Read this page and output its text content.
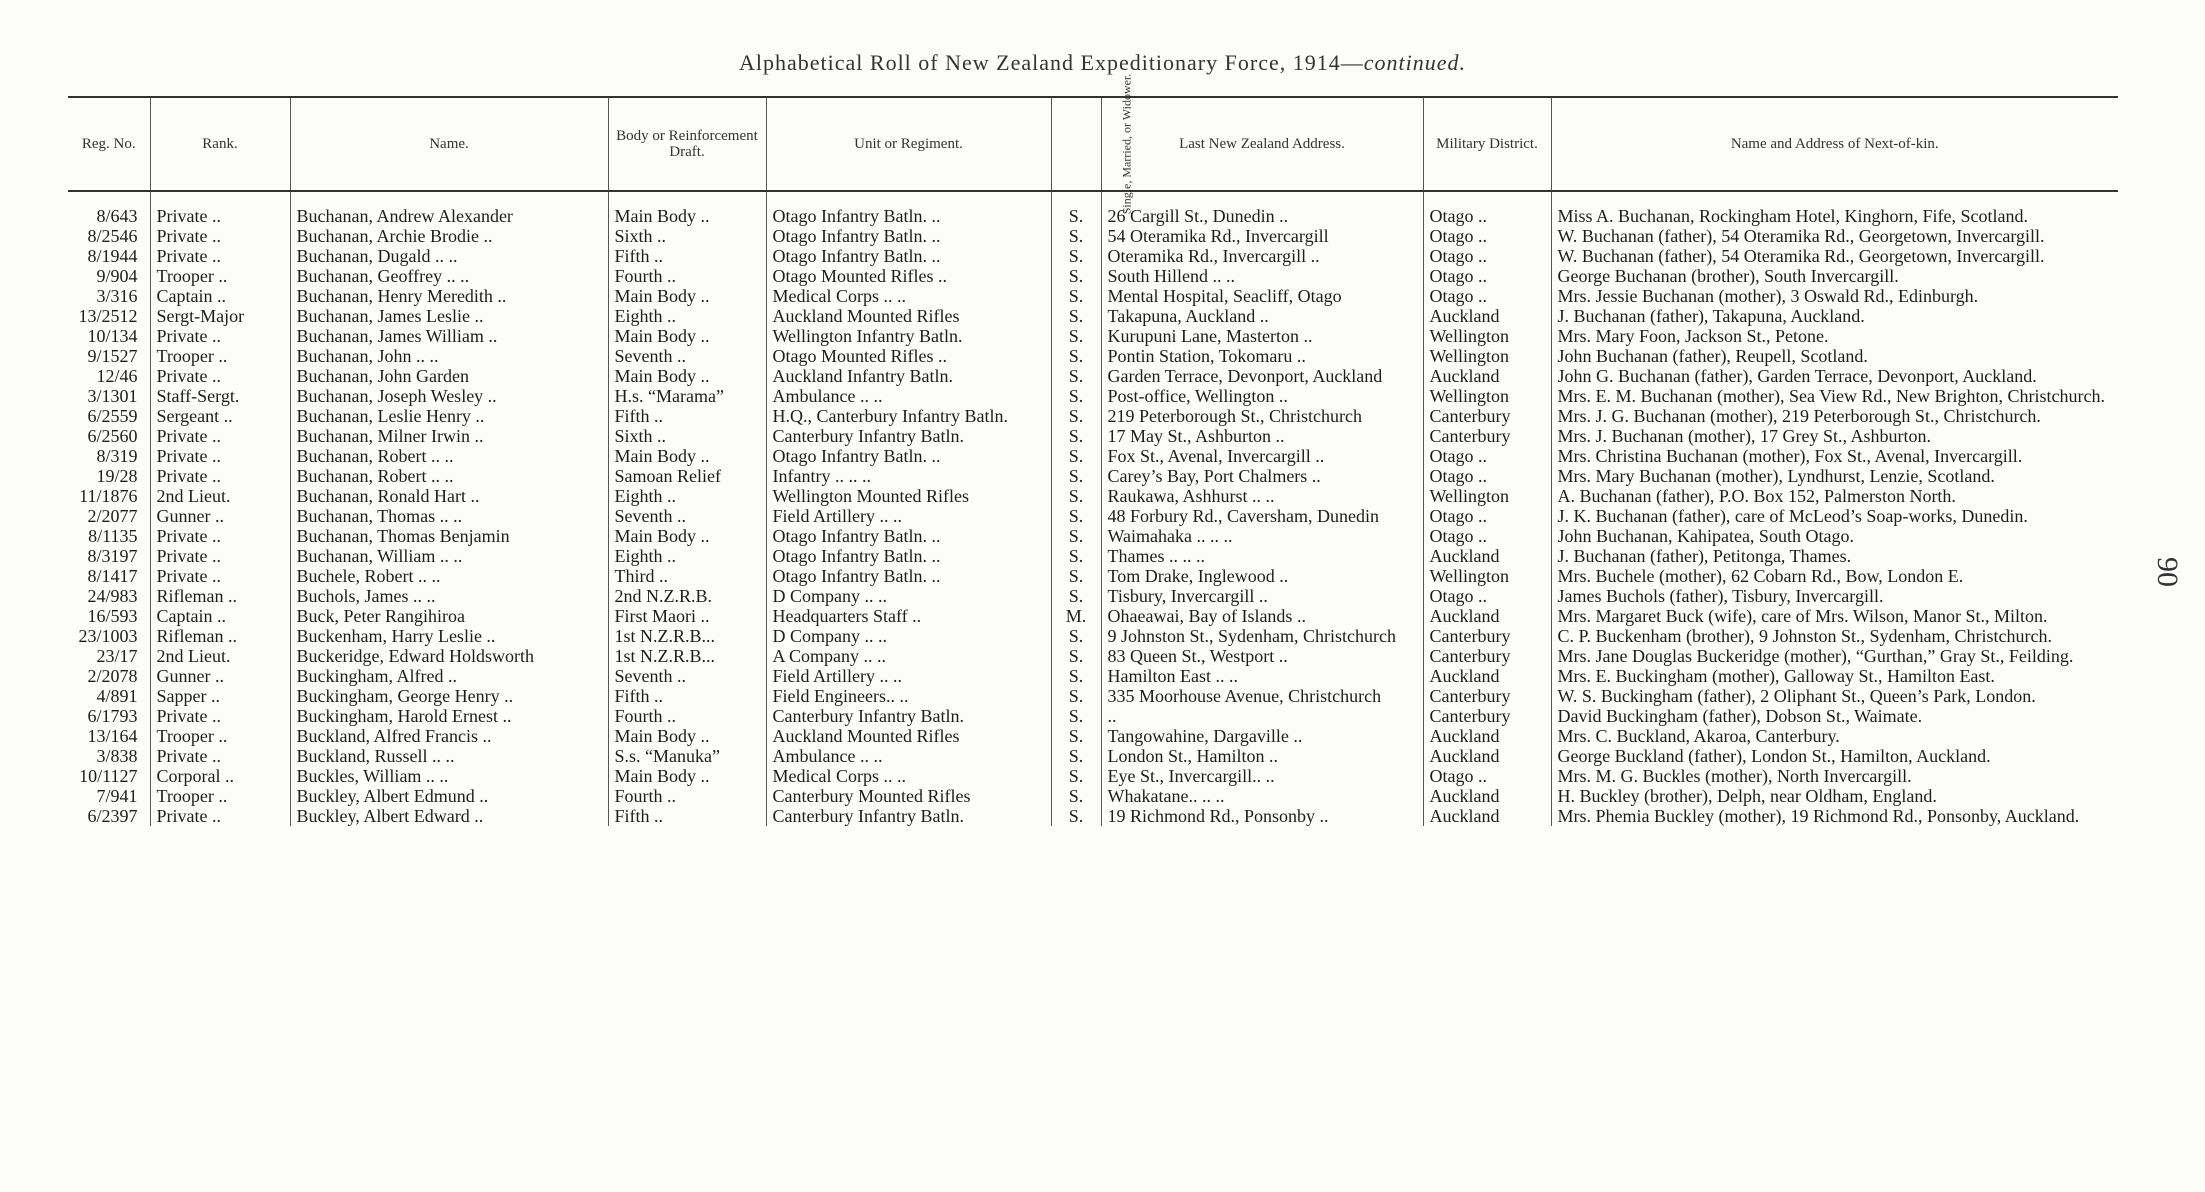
Alphabetical Roll of New Zealand Expeditionary Force, 1914—continued.
90
Reg. No.	Rank.	Name.	Body or Reinforcement Draft.	Unit or Regiment.	Single, Married, or Widower.	Last New Zealand Address.	Military District.	Name and Address of Next-of-kin.

8/643	Private ..	Buchanan, Andrew Alexander	Main Body ..	Otago Infantry Batln. ..	S.	26 Cargill St., Dunedin ..	Otago ..	Miss A. Buchanan, Rockingham Hotel, Kinghorn, Fife, Scotland.
8/2546	Private ..	Buchanan, Archie Brodie ..	Sixth ..	Otago Infantry Batln. ..	S.	54 Oteramika Rd., Invercargill	Otago ..	W. Buchanan (father), 54 Oteramika Rd., Georgetown, Invercargill.
8/1944	Private ..	Buchanan, Dugald .. ..	Fifth ..	Otago Infantry Batln. ..	S.	Oteramika Rd., Invercargill ..	Otago ..	W. Buchanan (father), 54 Oteramika Rd., Georgetown, Invercargill.
9/904	Trooper ..	Buchanan, Geoffrey .. ..	Fourth ..	Otago Mounted Rifles ..	S.	South Hillend .. ..	Otago ..	George Buchanan (brother), South Invercargill.
3/316	Captain ..	Buchanan, Henry Meredith ..	Main Body ..	Medical Corps .. ..	S.	Mental Hospital, Seacliff, Otago	Otago ..	Mrs. Jessie Buchanan (mother), 3 Oswald Rd., Edinburgh.
13/2512	Sergt-Major	Buchanan, James Leslie ..	Eighth ..	Auckland Mounted Rifles	S.	Takapuna, Auckland ..	Auckland	J. Buchanan (father), Takapuna, Auckland.
10/134	Private ..	Buchanan, James William ..	Main Body ..	Wellington Infantry Batln.	S.	Kurupuni Lane, Masterton ..	Wellington	Mrs. Mary Foon, Jackson St., Petone.
9/1527	Trooper ..	Buchanan, John .. ..	Seventh ..	Otago Mounted Rifles ..	S.	Pontin Station, Tokomaru ..	Wellington	John Buchanan (father), Reupell, Scotland.
12/46	Private ..	Buchanan, John Garden	Main Body ..	Auckland Infantry Batln.	S.	Garden Terrace, Devonport, Auckland	Auckland	John G. Buchanan (father), Garden Terrace, Devonport, Auckland.
3/1301	Staff-Sergt.	Buchanan, Joseph Wesley ..	H.s. “Marama”	Ambulance .. ..	S.	Post-office, Wellington ..	Wellington	Mrs. E. M. Buchanan (mother), Sea View Rd., New Brighton, Christchurch.
6/2559	Sergeant ..	Buchanan, Leslie Henry ..	Fifth ..	H.Q., Canterbury Infantry Batln.	S.	219 Peterborough St., Christchurch	Canterbury	Mrs. J. G. Buchanan (mother), 219 Peterborough St., Christchurch.
6/2560	Private ..	Buchanan, Milner Irwin ..	Sixth ..	Canterbury Infantry Batln.	S.	17 May St., Ashburton ..	Canterbury	Mrs. J. Buchanan (mother), 17 Grey St., Ashburton.
8/319	Private ..	Buchanan, Robert .. ..	Main Body ..	Otago Infantry Batln. ..	S.	Fox St., Avenal, Invercargill ..	Otago ..	Mrs. Christina Buchanan (mother), Fox St., Avenal, Invercargill.
19/28	Private ..	Buchanan, Robert .. ..	Samoan Relief	Infantry .. .. ..	S.	Carey’s Bay, Port Chalmers ..	Otago ..	Mrs. Mary Buchanan (mother), Lyndhurst, Lenzie, Scotland.
11/1876	2nd Lieut.	Buchanan, Ronald Hart ..	Eighth ..	Wellington Mounted Rifles	S.	Raukawa, Ashhurst .. ..	Wellington	A. Buchanan (father), P.O. Box 152, Palmerston North.
2/2077	Gunner ..	Buchanan, Thomas .. ..	Seventh ..	Field Artillery .. ..	S.	48 Forbury Rd., Caversham, Dunedin	Otago ..	J. K. Buchanan (father), care of McLeod’s Soap-works, Dunedin.
8/1135	Private ..	Buchanan, Thomas Benjamin	Main Body ..	Otago Infantry Batln. ..	S.	Waimahaka .. .. ..	Otago ..	John Buchanan, Kahipatea, South Otago.
8/3197	Private ..	Buchanan, William .. ..	Eighth ..	Otago Infantry Batln. ..	S.	Thames .. .. ..	Auckland	J. Buchanan (father), Petitonga, Thames.
8/1417	Private ..	Buchele, Robert .. ..	Third ..	Otago Infantry Batln. ..	S.	Tom Drake, Inglewood ..	Wellington	Mrs. Buchele (mother), 62 Cobarn Rd., Bow, London E.
24/983	Rifleman ..	Buchols, James .. ..	2nd N.Z.R.B.	D Company .. ..	S.	Tisbury, Invercargill ..	Otago ..	James Buchols (father), Tisbury, Invercargill.
16/593	Captain ..	Buck, Peter Rangihiroa	First Maori ..	Headquarters Staff ..	M.	Ohaeawai, Bay of Islands ..	Auckland	Mrs. Margaret Buck (wife), care of Mrs. Wilson, Manor St., Milton.
23/1003	Rifleman ..	Buckenham, Harry Leslie ..	1st N.Z.R.B...	D Company .. ..	S.	9 Johnston St., Sydenham, Christchurch	Canterbury	C. P. Buckenham (brother), 9 Johnston St., Sydenham, Christchurch.
23/17	2nd Lieut.	Buckeridge, Edward Holdsworth	1st N.Z.R.B...	A Company .. ..	S.	83 Queen St., Westport ..	Canterbury	Mrs. Jane Douglas Buckeridge (mother), “Gurthan,” Gray St., Feilding.
2/2078	Gunner ..	Buckingham, Alfred ..	Seventh ..	Field Artillery .. ..	S.	Hamilton East .. ..	Auckland	Mrs. E. Buckingham (mother), Galloway St., Hamilton East.
4/891	Sapper ..	Buckingham, George Henry ..	Fifth ..	Field Engineers.. ..	S.	335 Moorhouse Avenue, Christchurch	Canterbury	W. S. Buckingham (father), 2 Oliphant St., Queen’s Park, London.
6/1793	Private ..	Buckingham, Harold Ernest ..	Fourth ..	Canterbury Infantry Batln.	S.	..	Canterbury	David Buckingham (father), Dobson St., Waimate.
13/164	Trooper ..	Buckland, Alfred Francis ..	Main Body ..	Auckland Mounted Rifles	S.	Tangowahine, Dargaville ..	Auckland	Mrs. C. Buckland, Akaroa, Canterbury.
3/838	Private ..	Buckland, Russell .. ..	S.s. “Manuka”	Ambulance .. ..	S.	London St., Hamilton ..	Auckland	George Buckland (father), London St., Hamilton, Auckland.
10/1127	Corporal ..	Buckles, William .. ..	Main Body ..	Medical Corps .. ..	S.	Eye St., Invercargill.. ..	Otago ..	Mrs. M. G. Buckles (mother), North Invercargill.
7/941	Trooper ..	Buckley, Albert Edmund ..	Fourth ..	Canterbury Mounted Rifles	S.	Whakatane.. .. ..	Auckland	H. Buckley (brother), Delph, near Oldham, England.
6/2397	Private ..	Buckley, Albert Edward ..	Fifth ..	Canterbury Infantry Batln.	S.	19 Richmond Rd., Ponsonby ..	Auckland	Mrs. Phemia Buckley (mother), 19 Richmond Rd., Ponsonby, Auckland.
